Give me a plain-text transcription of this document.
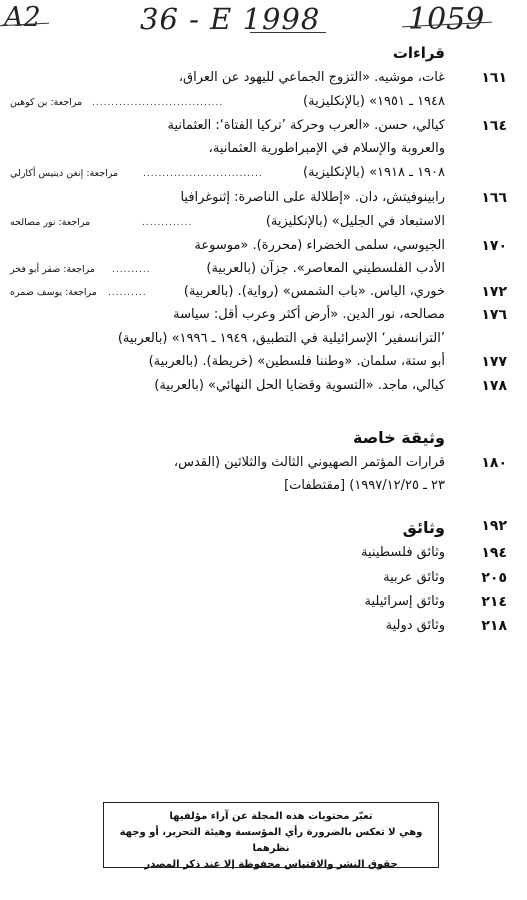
A2	36 - E 1998	1059
قراءات
١٦١
غات، موشيه. «التزوج الجماعي لليهود عن العراق،
١٩٤٨ ـ ١٩٥١» (بالإنكليزية)
..................................
مراجعة: بن كوهين
١٦٤
كيالي، حسن. «العرب وحركة ’تركيا الفتاة‘: العثمانية
والعروبة والإسلام في الإمبراطورية العثمانية،
١٩٠٨ ـ ١٩١٨» (بالإنكليزية)
...............................
مراجعة: إنغن دينيس أكارلي
١٦٦
رابينوفيتش، دان. «إطلالة على الناصرة: إثنوغرافيا
الاستبعاد في الجليل» (بالإنكليزية)
.............
مراجعة: نور مصالحه
١٧٠
الجيوسي، سلمى الخضراء (محررة). «موسوعة
الأدب الفلسطيني المعاصر». جزآن (بالعربية)
..........
مراجعة: صقر أبو فخر
١٧٢
خوري، الياس. «باب الشمس» (رواية). (بالعربية)
..........
مراجعة: يوسف ضمره
١٧٦
مصالحه، نور الدين. «أرض أكثر وعرب أقل: سياسة
’الترانسفير‘ الإسرائيلية في التطبيق، ١٩٤٩ ـ ١٩٩٦» (بالعربية)
١٧٧
أبو ستة، سلمان. «وطننا فلسطين» (خريطة). (بالعربية)
١٧٨
كيالي، ماجد. «التسوية وقضايا الحل النهائي» (بالعربية)
وثيقة خاصة
١٨٠
قرارات المؤتمر الصهيوني الثالث والثلاثين (القدس،
٢٣ ـ ١٩٩٧/١٢/٢٥) [مقتطفات]
١٩٢
وثائق
١٩٤
وثائق فلسطينية
٢٠٥
وثائق عربية
٢١٤
وثائق إسرائيلية
٢١٨
وثائق دولية
تعبّر محتويات هذه المجلة عن آراء مؤلفيها
وهي لا تعكس بالضرورة رأي المؤسسة وهيئة التحرير، أو وجهة نظرهما
حقوق النشر والاقتباس محفوظة إلا عند ذكر المصدر
